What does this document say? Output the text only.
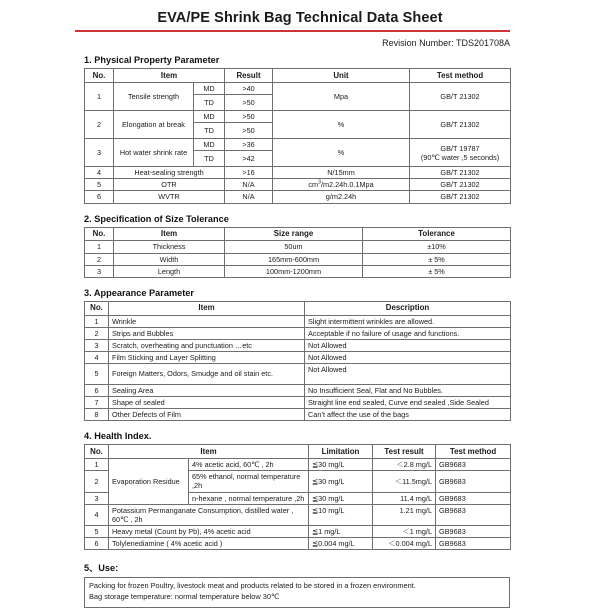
EVA/PE Shrink Bag Technical Data Sheet
Revision Number: TDS201708A
1. Physical Property Parameter
No.	Item		Result	Unit	Test method
1	Tensile strength	MD	>40	Mpa	GB/T 21302
		TD	>50		
2	Elongation at break	MD	>50	%	GB/T 21302
		TD	>50		
3	Hot water shrink rate	MD	>36	%	GB/T 19787
(90℃ water ,5 seconds)

		TD	>42		
4	Heat-sealing strength		>16	N/15mm	GB/T 21302
5	OTR		N/A	$cm^3/m2.24h.0.1Mpa$	GB/T 21302
6	WVTR		N/A	g/m2.24h	GB/T 21302
2. Specification of Size Tolerance
No.	Item	Size range	Tolerance
1	Thickness	50um	±10%
2	Width	165mm-600mm	± 5%
3	Length	100mm-1200mm	± 5%
3. Appearance Parameter
No.	Item	Description
1	Wrinkle	Slight intermittent wrinkles are allowed.
2	Strips and Bubbles	Acceptable if no failure of usage and functions.
3	Scratch, overheating and punctuation …etc	Not Allowed
4	Film Sticking and Layer Splitting	Not Allowed
5	Foreign Matters, Odors, Smudge and oil stain etc.	Not Allowed
6	Sealing Area	No Insufficient Seal, Flat and No Bubbles.
7	Shape of sealed	Straight line end sealed, Curve end sealed ,Side Sealed
8	Other Defects of Film	Can’t affect the use of the bags
4. Health Index.
No.	Item		Limitation	Test result	Test method
1	Evaporation Residue	4% acetic acid, 60℃ , 2h	≦30 mg/L	＜2.8 mg/L	GB9683
2		65% ethanol, normal temperature ,2h	≦30 mg/L	＜11.5mg/L	GB9683
3		n-hexane , normal temperature ,2h	≦30 mg/L	11.4 mg/L	GB9683
4	Potassium Permanganate Consumption, distilled water , 60℃ , 2h		≦10 mg/L	1.21 mg/L	GB9683
5	Heavy metal (Count by Pb), 4% acetic acid		≦1 mg/L	＜1 mg/L	GB9683
6	Tolylenediamine ( 4% acetic acid )		≦0.004 mg/L	＜0.004 mg/L	GB9683
5、Use:
Packing for frozen Poultry, livestock meat and products related to be stored in a frozen environment.
Bag storage temperature: normal temperature below 30℃
